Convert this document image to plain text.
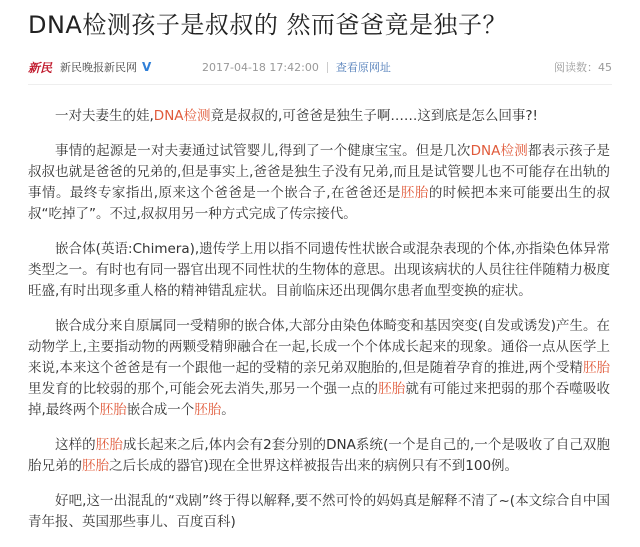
DNA检测孩子是叔叔的 然而爸爸竟是独子？
新民 新民晚报新民网 V	2017-04-18 17:42:00 查看原网址	阅读数：45

一对夫妻生的娃,DNA检测竟是叔叔的,可爸爸是独生子啊……这到底是怎么回事?!

事情的起源是一对夫妻通过试管婴儿,得到了一个健康宝宝。但是几次DNA检测都表示孩子是叔叔也就是爸爸的兄弟的,但是事实上,爸爸是独生子没有兄弟,而且是试管婴儿也不可能存在出轨的事情。最终专家指出,原来这个爸爸是一个嵌合子,在爸爸还是胚胎的时候把本来可能要出生的叔叔“吃掉了”。不过,叔叔用另一种方式完成了传宗接代。

嵌合体(英语:Chimera),遗传学上用以指不同遗传性状嵌合或混杂表现的个体,亦指染色体异常类型之一。有时也有同一器官出现不同性状的生物体的意思。出现该病状的人员往往伴随精力极度旺盛,有时出现多重人格的精神错乱症状。目前临床还出现偶尔患者血型变换的症状。

嵌合成分来自原属同一受精卵的嵌合体,大部分由染色体畸变和基因突变(自发或诱发)产生。在动物学上,主要指动物的两颗受精卵融合在一起,长成一个个体成长起来的现象。通俗一点从医学上来说,本来这个爸爸是有一个跟他一起的受精的亲兄弟双胞胎的,但是随着孕育的推进,两个受精胚胎里发育的比较弱的那个,可能会死去消失,那另一个强一点的胚胎就有可能过来把弱的那个吞噬吸收掉,最终两个胚胎嵌合成一个胚胎。

这样的胚胎成长起来之后,体内会有2套分别的DNA系统(一个是自己的,一个是吸收了自己双胞胎兄弟的胚胎之后长成的器官)现在全世界这样被报告出来的病例只有不到100例。

好吧,这一出混乱的“戏剧”终于得以解释,要不然可怜的妈妈真是解释不清了~(本文综合自中国青年报、英国那些事儿、百度百科)
